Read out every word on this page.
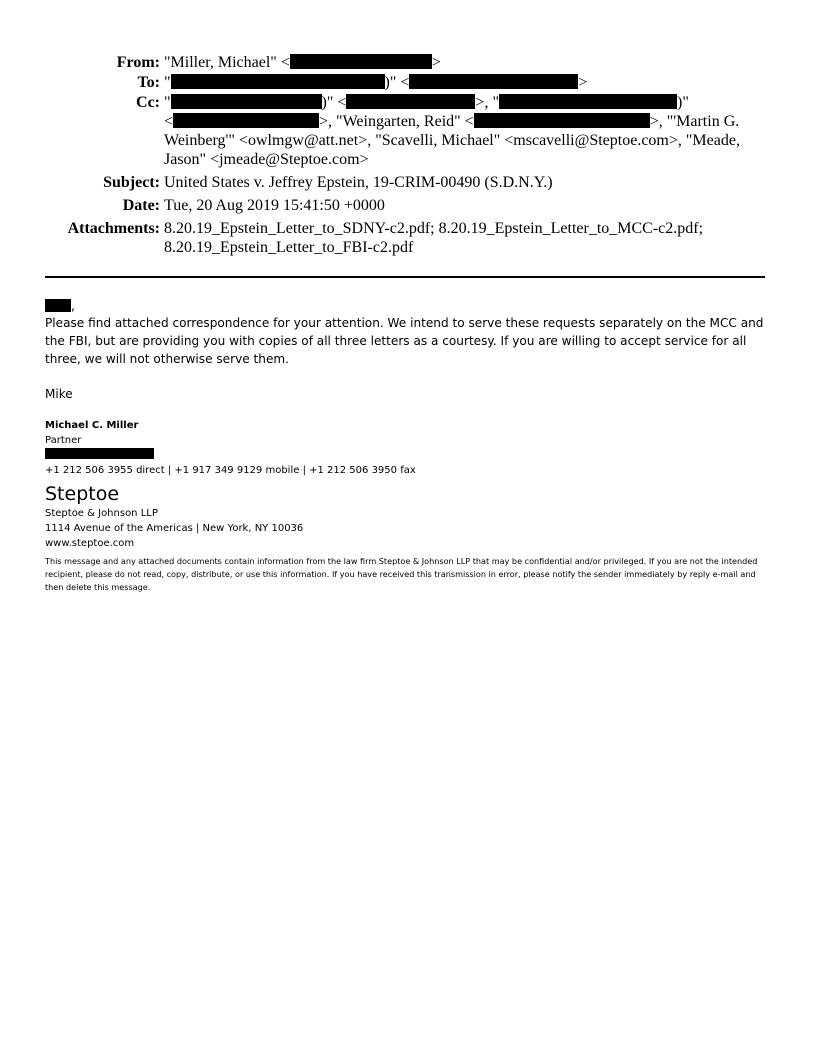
From: "Miller, Michael" <	>
To: "	)" <	>
Cc: "	)" <	>, "	)"
<	>, "Weingarten, Reid" <	>, "'Martin G.
Weinberg'" <owlmgw@att.net>, "Scavelli, Michael" <mscavelli@Steptoe.com>, "Meade,
Jason" <jmeade@Steptoe.com>
Subject: United States v. Jeffrey Epstein, 19-CRIM-00490 (S.D.N.Y.)
Date: Tue, 20 Aug 2019 15:41:50 +0000
Attachments: 8.20.19_Epstein_Letter_to_SDNY-c2.pdf; 8.20.19_Epstein_Letter_to_MCC-c2.pdf;
8.20.19_Epstein_Letter_to_FBI-c2.pdf
,

Please find attached correspondence for your attention. We intend to serve these requests separately on the MCC and the FBI, but are providing you with copies of all three letters as a courtesy. If you are willing to accept service for all three, we will not otherwise serve them.

Mike
Michael C. Miller
Partner
+1 212 506 3955 direct | +1 917 349 9129 mobile | +1 212 506 3950 fax
Steptoe
Steptoe & Johnson LLP
1114 Avenue of the Americas | New York, NY 10036
www.steptoe.com
This message and any attached documents contain information from the law firm Steptoe & Johnson LLP that may be confidential and/or privileged. If you are not the intended recipient, please do not read, copy, distribute, or use this information. If you have received this transmission in error, please notify the sender immediately by reply e-mail and then delete this message.
